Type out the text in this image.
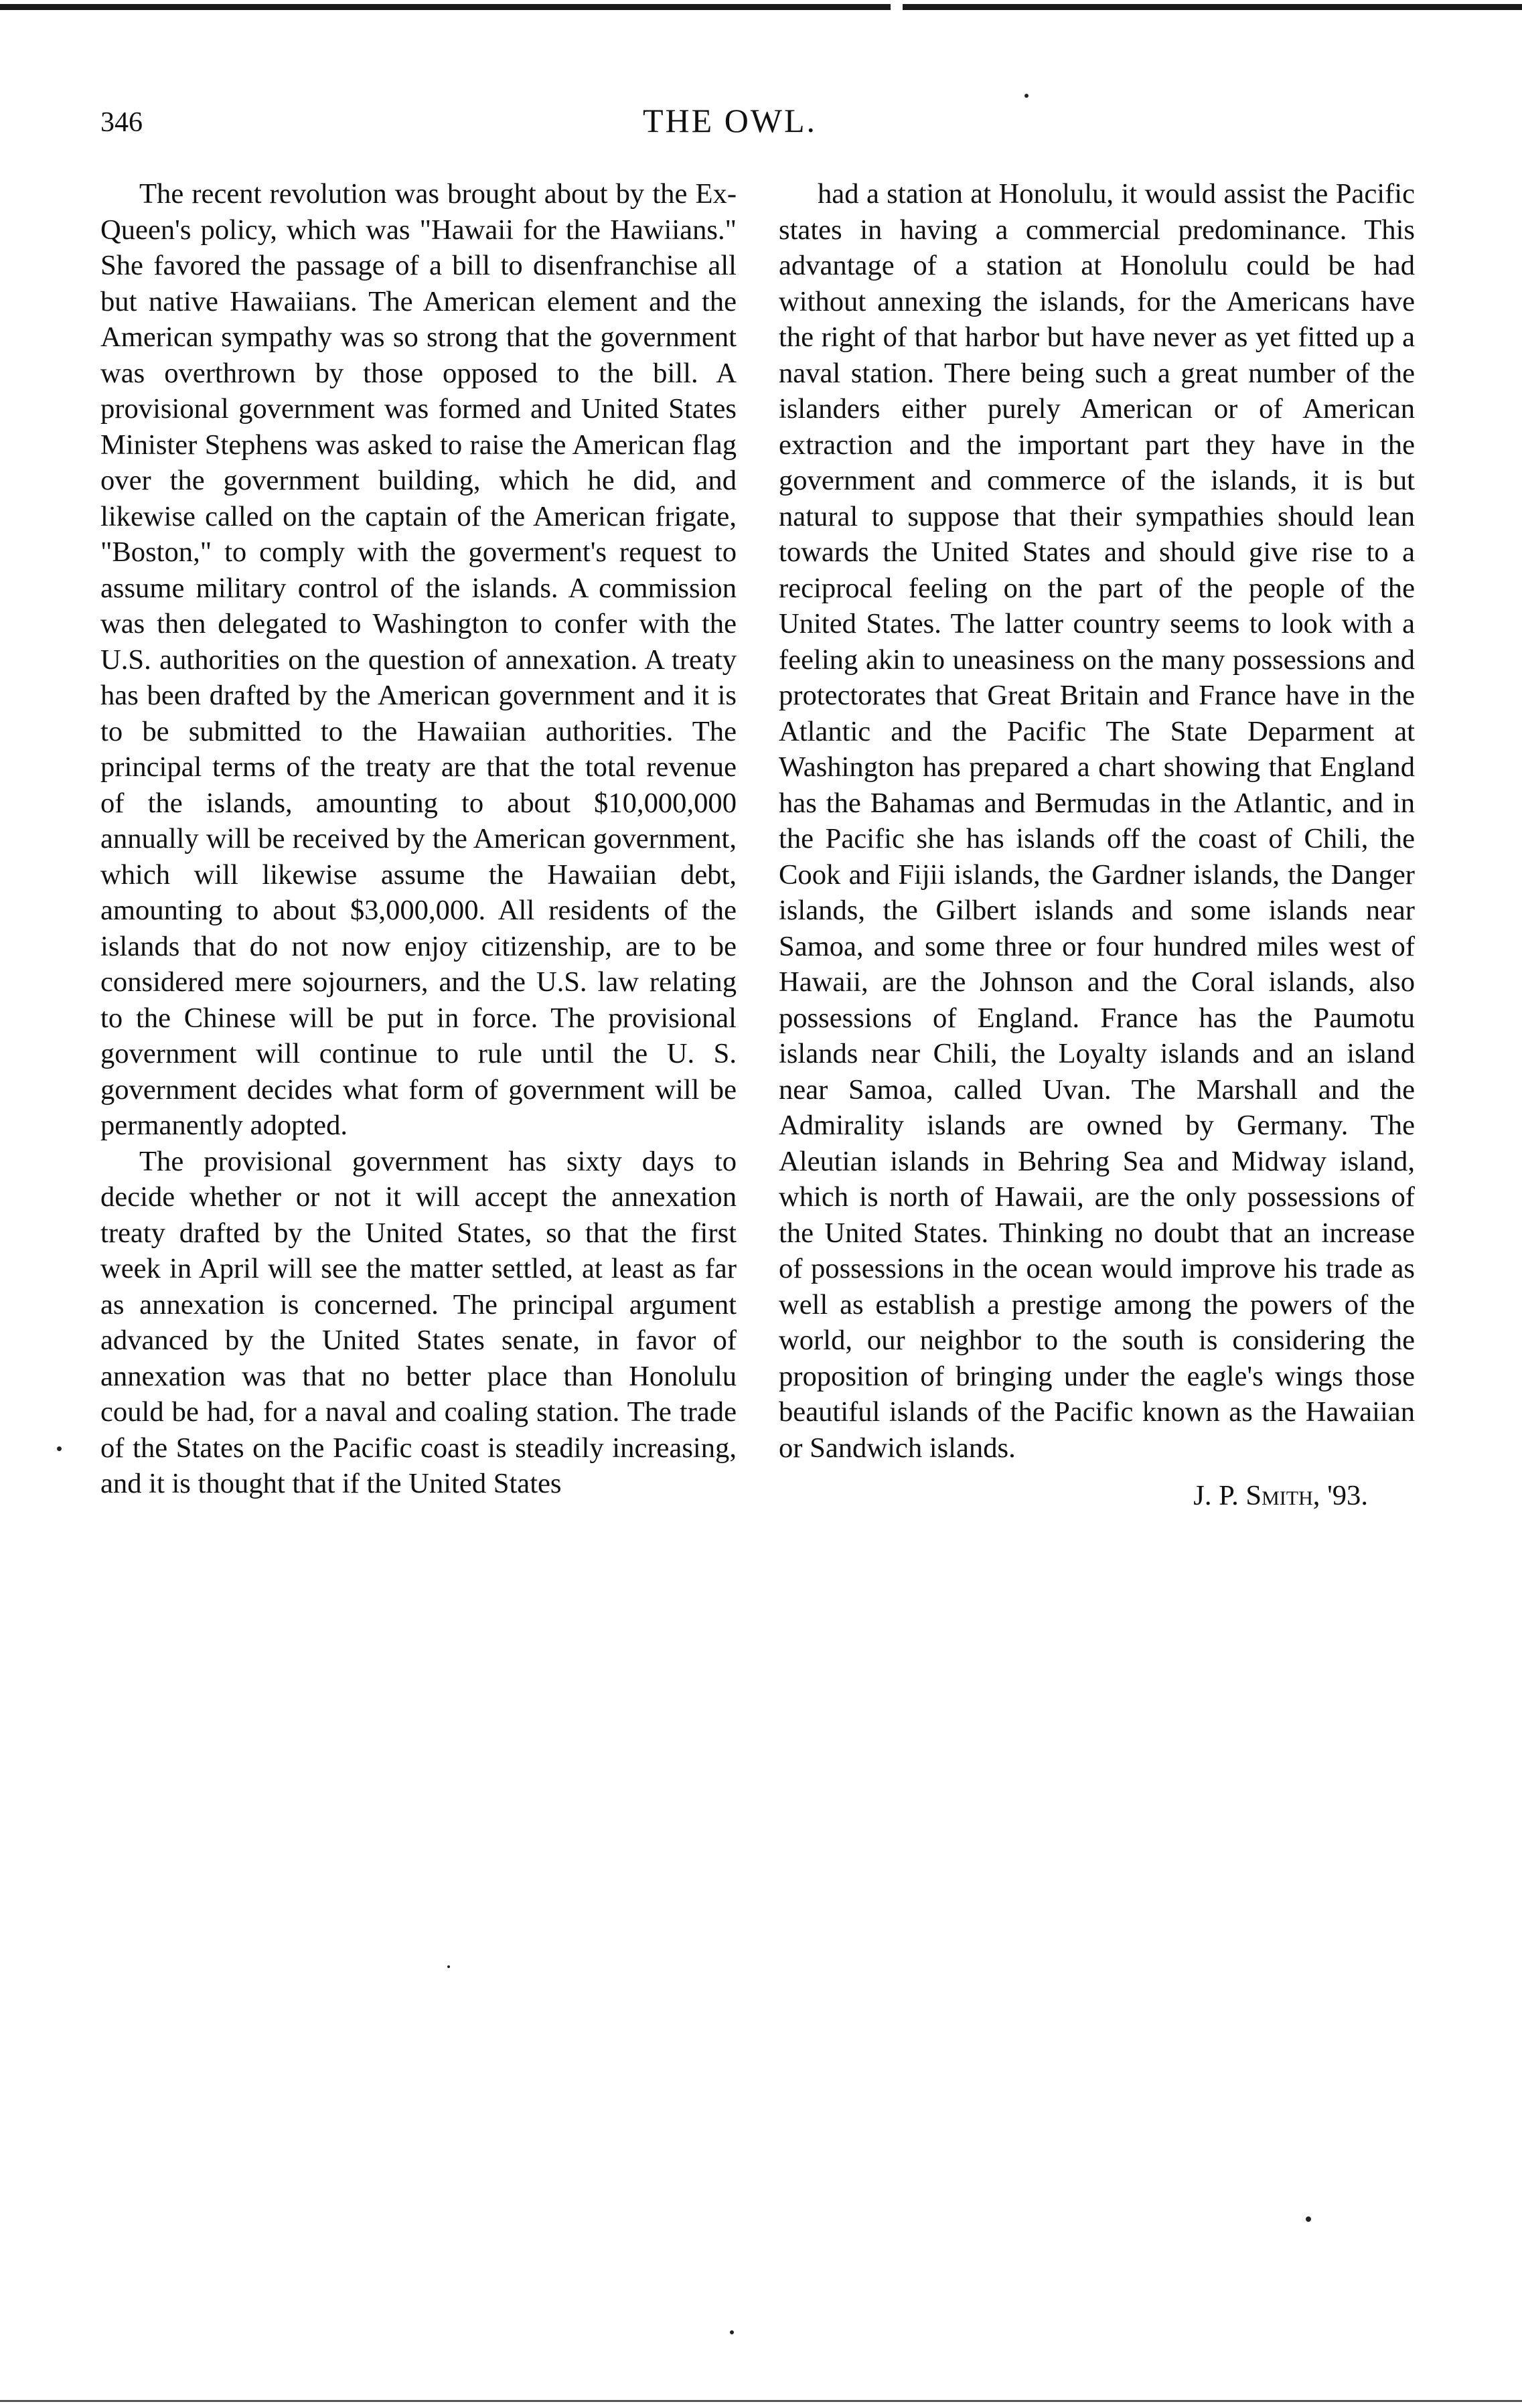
346	THE OWL.

The recent revolution was brought about by the Ex-Queen's policy, which was "Hawaii for the Hawiians." She favored the passage of a bill to disenfranchise all but native Hawaiians. The American element and the American sympathy was so strong that the government was overthrown by those opposed to the bill. A provisional government was formed and United States Minister Stephens was asked to raise the American flag over the government building, which he did, and likewise called on the captain of the American frigate, "Boston," to comply with the goverment's request to assume military control of the islands. A commission was then delegated to Washington to confer with the U.S. authorities on the question of annexation. A treaty has been drafted by the American government and it is to be submitted to the Hawaiian authorities. The principal terms of the treaty are that the total revenue of the islands, amounting to about $10,000,000 annually will be received by the American government, which will likewise assume the Hawaiian debt, amounting to about $3,000,000. All residents of the islands that do not now enjoy citizenship, are to be considered mere sojourners, and the U.S. law relating to the Chinese will be put in force. The provisional government will continue to rule until the U. S. government decides what form of government will be permanently adopted.

The provisional government has sixty days to decide whether or not it will accept the annexation treaty drafted by the United States, so that the first week in April will see the matter settled, at least as far as annexation is concerned. The principal argument advanced by the United States senate, in favor of annexation was that no better place than Honolulu could be had, for a naval and coaling station. The trade of the States on the Pacific coast is steadily increasing, and it is thought that if the United States

had a station at Honolulu, it would assist the Pacific states in having a commercial predominance. This advantage of a station at Honolulu could be had without annexing the islands, for the Americans have the right of that harbor but have never as yet fitted up a naval station. There being such a great number of the islanders either purely American or of American extraction and the important part they have in the government and commerce of the islands, it is but natural to suppose that their sympathies should lean towards the United States and should give rise to a reciprocal feeling on the part of the people of the United States. The latter country seems to look with a feeling akin to uneasiness on the many possessions and protectorates that Great Britain and France have in the Atlantic and the Pacific The State Deparment at Washington has prepared a chart showing that England has the Bahamas and Bermudas in the Atlantic, and in the Pacific she has islands off the coast of Chili, the Cook and Fijii islands, the Gardner islands, the Danger islands, the Gilbert islands and some islands near Samoa, and some three or four hundred miles west of Hawaii, are the Johnson and the Coral islands, also possessions of England. France has the Paumotu islands near Chili, the Loyalty islands and an island near Samoa, called Uvan. The Marshall and the Admirality islands are owned by Germany. The Aleutian islands in Behring Sea and Midway island, which is north of Hawaii, are the only possessions of the United States. Thinking no doubt that an increase of possessions in the ocean would improve his trade as well as establish a prestige among the powers of the world, our neighbor to the south is considering the proposition of bringing under the eagle's wings those beautiful islands of the Pacific known as the Hawaiian or Sandwich islands.

J. P. Smith, '93.
